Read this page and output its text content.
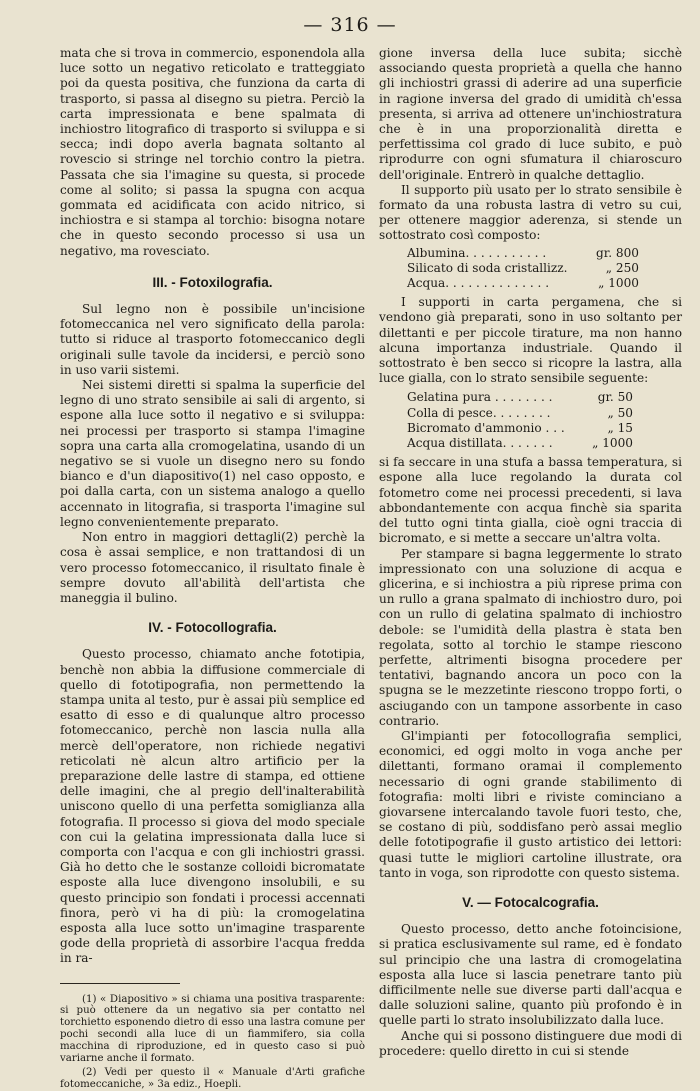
— 316 —

mata che si trova in commercio, esponendola alla luce sotto un negativo reticolato e tratteggiato poi da questa positiva, che funziona da carta di trasporto, si passa al disegno su pietra. Perciò la carta impressionata e bene spalmata di inchiostro litografico di trasporto si sviluppa e si secca; indi dopo averla bagnata soltanto al rovescio si stringe nel torchio contro la pietra. Passata che sia l'imagine su questa, si procede come al solito; si passa la spugna con acqua gommata ed acidificata con acido nitrico, si inchiostra e si stampa al torchio: bisogna notare che in questo secondo processo si usa un negativo, ma rovesciato.

III. - Fotoxilografia.

Sul legno non è possibile un'incisione fotomeccanica nel vero significato della parola: tutto si riduce al trasporto fotomeccanico degli originali sulle tavole da incidersi, e perciò sono in uso varii sistemi.

Nei sistemi diretti si spalma la superficie del legno di uno strato sensibile ai sali di argento, si espone alla luce sotto il negativo e si sviluppa: nei processi per trasporto si stampa l'imagine sopra una carta alla cromogelatina, usando di un negativo se si vuole un disegno nero su fondo bianco e d'un diapositivo(1) nel caso opposto, e poi dalla carta, con un sistema analogo a quello accennato in litografia, si trasporta l'imagine sul legno convenientemente preparato.

Non entro in maggiori dettagli(2) perchè la cosa è assai semplice, e non trattandosi di un vero processo fotomeccanico, il risultato finale è sempre dovuto all'abilità dell'artista che maneggia il bulino.

IV. - Fotocollografia.

Questo processo, chiamato anche fototipia, benchè non abbia la diffusione commerciale di quello di fototipografia, non permettendo la stampa unita al testo, pur è assai più semplice ed esatto di esso e di qualunque altro processo fotomeccanico, perchè non lascia nulla alla mercè dell'operatore, non richiede negativi reticolati nè alcun altro artificio per la preparazione delle lastre di stampa, ed ottiene delle imagini, che al pregio dell'inalterabilità uniscono quello di una perfetta somiglianza alla fotografia. Il processo si giova del modo speciale con cui la gelatina impressionata dalla luce si comporta con l'acqua e con gli inchiostri grassi. Già ho detto che le sostanze colloidi bicromatate esposte alla luce divengono insolubili, e su questo principio son fondati i processi accennati finora, però vi ha di più: la cromogelatina esposta alla luce sotto un'imagine trasparente gode della proprietà di assorbire l'acqua fredda in ra-

(1) « Diapositivo » si chiama una positiva trasparente: si può ottenere da un negativo sia per contatto nel torchietto esponendo dietro di esso una lastra comune per pochi secondi alla luce di un fiammifero, sia colla macchina di riproduzione, ed in questo caso si può variarne anche il formato.

(2) Vedi per questo il « Manuale d'Arti grafiche fotomeccaniche, » 3a ediz., Hoepli.

gione inversa della luce subita; sicchè associando questa proprietà a quella che hanno gli inchiostri grassi di aderire ad una superficie in ragione inversa del grado di umidità ch'essa presenta, si arriva ad ottenere un'inchiostratura che è in una proporzionalità diretta e perfettissima col grado di luce subito, e può riprodurre con ogni sfumatura il chiaroscuro dell'originale. Entrerò in qualche dettaglio.

Il supporto più usato per lo strato sensibile è formato da una robusta lastra di vetro su cui, per ottenere maggior aderenza, si stende un sottostrato così composto:

Albumina. . . . . . . . . . .	gr. 800
Silicato di soda cristallizz.	„ 250
Acqua. . . . . . . . . . . . . .	„ 1000

I supporti in carta pergamena, che si vendono già preparati, sono in uso soltanto per dilettanti e per piccole tirature, ma non hanno alcuna importanza industriale. Quando il sottostrato è ben secco si ricopre la lastra, alla luce gialla, con lo strato sensibile seguente:

Gelatina pura . . . . . . . .	gr. 50
Colla di pesce. . . . . . . .	„ 50
Bicromato d'ammonio . . .	„ 15
Acqua distillata. . . . . . .	„ 1000

si fa seccare in una stufa a bassa temperatura, si espone alla luce regolando la durata col fotometro come nei processi precedenti, si lava abbondantemente con acqua finchè sia sparita del tutto ogni tinta gialla, cioè ogni traccia di bicromato, e si mette a seccare un'altra volta.

Per stampare si bagna leggermente lo strato impressionato con una soluzione di acqua e glicerina, e si inchiostra a più riprese prima con un rullo a grana spalmato di inchiostro duro, poi con un rullo di gelatina spalmato di inchiostro debole: se l'umidità della plastra è stata ben regolata, sotto al torchio le stampe riescono perfette, altrimenti bisogna procedere per tentativi, bagnando ancora un poco con la spugna se le mezzetinte riescono troppo forti, o asciugando con un tampone assorbente in caso contrario.

Gl'impianti per fotocollografia semplici, economici, ed oggi molto in voga anche per dilettanti, formano oramai il complemento necessario di ogni grande stabilimento di fotografia: molti libri e riviste cominciano a giovarsene intercalando tavole fuori testo, che, se costano di più, soddisfano però assai meglio delle fototipografie il gusto artistico dei lettori: quasi tutte le migliori cartoline illustrate, ora tanto in voga, son riprodotte con questo sistema.

V. — Fotocalcografia.

Questo processo, detto anche fotoincisione, si pratica esclusivamente sul rame, ed è fondato sul principio che una lastra di cromogelatina esposta alla luce si lascia penetrare tanto più difficilmente nelle sue diverse parti dall'acqua e dalle soluzioni saline, quanto più profondo è in quelle parti lo strato insolubilizzato dalla luce.

Anche qui si possono distinguere due modi di procedere: quello diretto in cui si stende
